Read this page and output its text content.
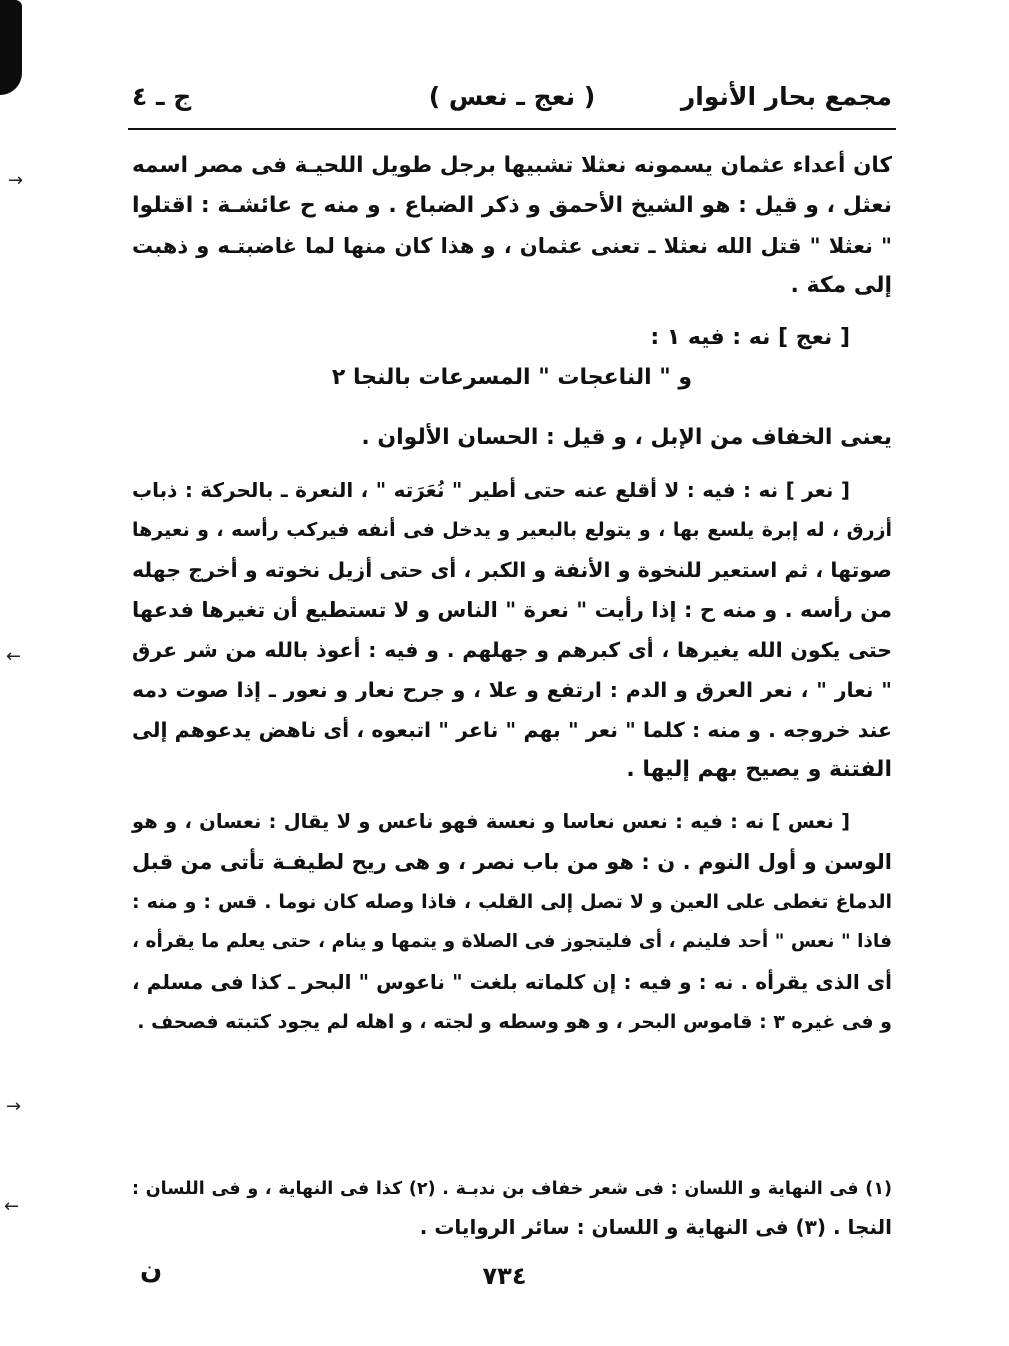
→
←
→
←
مجمع بحار الأنوار
( نعج ـ نعس )
ج ـ ٤
كان أعداء عثمان يسمونه نعثلا تشبيها برجل طويل اللحيـة فى مصر اسمه
نعثل ، و قيل : هو الشيخ الأحمق و ذكر الضباع . و منه ح عائشـة : اقتلوا
" نعثلا " قتل الله نعثلا ـ تعنى عثمان ، و هذا كان منها لما غاضبتـه و ذهبت
إلى مكة .
[ نعج ] نه : فيه ١ :
و " الناعجات " المسرعات بالنجا ٢
يعنى الخفاف من الإبل ، و قيل : الحسان الألوان .
[ نعر ] نه : فيه : لا أقلع عنه حتى أطير " نُعَرَته " ، النعرة ـ بالحركة : ذباب
أزرق ، له إبرة يلسع بها ، و يتولع بالبعير و يدخل فى أنفه فيركب رأسه ، و نعيرها
صوتها ، ثم استعير للنخوة و الأنفة و الكبر ، أى حتى أزيل نخوته و أخرج جهله
من رأسه . و منه ح : إذا رأيت " نعرة " الناس و لا تستطيع أن تغيرها فدعها
حتى يكون الله يغيرها ، أى كبرهم و جهلهم . و فيه : أعوذ بالله من شر عرق
" نعار " ، نعر العرق و الدم : ارتفع و علا ، و جرح نعار و نعور ـ إذا صوت دمه
عند خروجه . و منه : كلما " نعر " بهم " ناعر " اتبعوه ، أى ناهض يدعوهم إلى
الفتنة و يصيح بهم إليها .
[ نعس ] نه : فيه : نعس نعاسا و نعسة فهو ناعس و لا يقال : نعسان ، و هو
الوسن و أول النوم . ن : هو من باب نصر ، و هى ريح لطيفـة تأتى من قبل
الدماغ تغطى على العين و لا تصل إلى القلب ، فاذا وصله كان نوما . قس : و منه :
فاذا " نعس " أحد فلينم ، أى فليتجوز فى الصلاة و يتمها و ينام ، حتى يعلم ما يقرأه ،
أى الذى يقرأه . نه : و فيه : إن كلماته بلغت " ناعوس " البحر ـ كذا فى مسلم ،
و فى غيره ٣ : قاموس البحر ، و هو وسطه و لجته ، و اهله لم يجود كتبته فصحف .
(١) فى النهاية و اللسان : فى شعر خفاف بن ندبـة . (٢) كذا فى النهاية ، و فى اللسان :
النجا . (٣) فى النهاية و اللسان : سائر الروايات .
٧٣٤
ن
